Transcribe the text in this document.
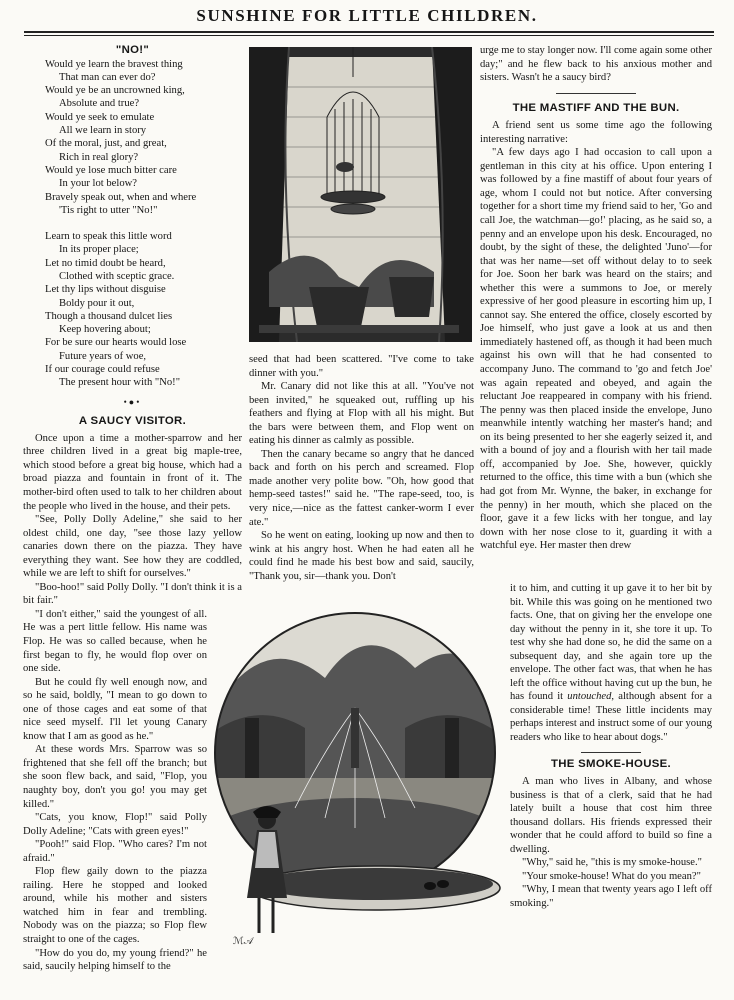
SUNSHINE FOR LITTLE CHILDREN.
"NO!"
Would ye learn the bravest thing
That man can ever do?
Would ye be an uncrowned king,
Absolute and true?
Would ye seek to emulate
All we learn in story
Of the moral, just, and great,
Rich in real glory?
Would ye lose much bitter care
In your lot below?
Bravely speak out, when and where
'Tis right to utter "No!"
Learn to speak this little word
In its proper place;
Let no timid doubt be heard,
Clothed with sceptic grace.
Let thy lips without disguise
Boldy pour it out,
Though a thousand dulcet lies
Keep hovering about;
For be sure our hearts would lose
Future years of woe,
If our courage could refuse
The present hour with "No!"
•●•
A SAUCY VISITOR.

Once upon a time a mother-sparrow and her three children lived in a great big maple-tree, which stood before a great big house, which had a broad piazza and fountain in front of it. The mother-bird often used to talk to her children about the people who lived in the house, and their pets.

"See, Polly Dolly Adeline," she said to her oldest child, one day, "see those lazy yellow canaries down there on the piazza. They have everything they want. See how they are coddled, while we are left to shift for ourselves."

"Boo-hoo!" said Polly Dolly. "I don't think it is a bit fair."

"I don't either," said the youngest of all. He was a pert little fellow. His name was Flop. He was so called because, when he first began to fly, he would flop over on one side.

But he could fly well enough now, and so he said, boldly, "I mean to go down to one of those cages and eat some of that nice seed myself. I'll let young Canary know that I am as good as he."

At these words Mrs. Sparrow was so frightened that she fell off the branch; but she soon flew back, and said, "Flop, you naughty boy, don't you go! you may get killed."

"Cats, you know, Flop!" said Polly Dolly Adeline; "Cats with green eyes!"

"Pooh!" said Flop. "Who cares? I'm not afraid."

Flop flew gaily down to the piazza railing. Here he stopped and looked around, while his mother and sisters watched him in fear and trembling. Nobody was on the piazza; so Flop flew straight to one of the cages.

"How do you do, my young friend?" he said, saucily helping himself to the

seed that had been scattered. "I've come to take dinner with you."

Mr. Canary did not like this at all. "You've not been invited," he squeaked out, ruffling up his feathers and flying at Flop with all his might. But the bars were between them, and Flop went on eating his dinner as calmly as possible.

Then the canary became so angry that he danced back and forth on his perch and screamed. Flop made another very polite bow. "Oh, how good that hemp-seed tastes!" said he. "The rape-seed, too, is very nice,—nice as the fattest canker-worm I ever ate."

So he went on eating, looking up now and then to wink at his angry host. When he had eaten all he could find he made his best bow and said, saucily, "Thank you, sir—thank you. Don't

urge me to stay longer now. I'll come again some other day;" and he flew back to his anxious mother and sisters. Wasn't he a saucy bird?

THE MASTIFF AND THE BUN.

A friend sent us some time ago the following interesting narrative:

"A few days ago I had occasion to call upon a gentleman in this city at his office. Upon entering I was followed by a fine mastiff of about four years of age, whom I could not but notice. After conversing together for a short time my friend said to her, 'Go and call Joe, the watchman—go!' placing, as he said so, a penny and an envelope upon his desk. Encouraged, no doubt, by the sight of these, the delighted 'Juno'—for that was her name—set off without delay to to seek for Joe. Soon her bark was heard on the stairs; and whether this were a summons to Joe, or merely expressive of her good pleasure in escorting him up, I cannot say. She entered the office, closely escorted by Joe himself, who just gave a look at us and then immediately hastened off, as though it had been much against his own will that he had consented to accompany Juno. The command to 'go and fetch Joe' was again repeated and obeyed, and again the reluctant Joe reappeared in company with his friend. The penny was then placed inside the envelope, Juno meanwhile intently watching her master's hand; and on its being presented to her she eagerly seized it, and with a bound of joy and a flourish with her tail made off, accompanied by Joe. She, however, quickly returned to the office, this time with a bun (which she had got from Mr. Wynne, the baker, in exchange for the penny) in her mouth, which she placed on the floor, gave it a few licks with her tongue, and lay down with her nose close to it, guarding it with a watchful eye. Her master then drew

ℳ𝒜

it to him, and cutting it up gave it to her bit by bit. While this was going on he mentioned two facts. One, that on giving her the envelope one day without the penny in it, she tore it up. To test why she had done so, he did the same on a subsequent day, and she again tore up the envelope. The other fact was, that when he has left the office without having cut up the bun, he has found it untouched, although absent for a considerable time! These little incidents may perhaps interest and instruct some of our young readers who like to hear about dogs."

THE SMOKE-HOUSE.

A man who lives in Albany, and whose business is that of a clerk, said that he had lately built a house that cost him three thousand dollars. His friends expressed their wonder that he could afford to build so fine a dwelling.

"Why," said he, "this is my smoke-house."

"Your smoke-house! What do you mean?"

"Why, I mean that twenty years ago I left off smoking."
